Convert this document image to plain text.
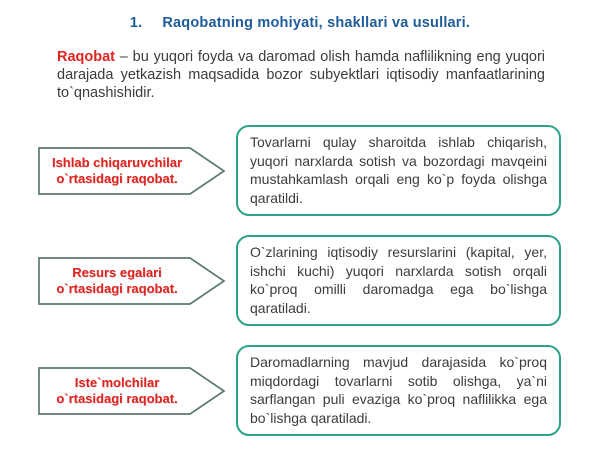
1. Raqobatning mohiyati, shakllari va usullari.

Raqobat – bu yuqori foyda va daromad olish hamda naflilikning eng yuqori darajada yetkazish maqsadida bozor subyektlari iqtisodiy manfaatlarining to`qnashishidir.

Ishlab chiqaruvchilar o`rtasidagi raqobat.
Tovarlarni qulay sharoitda ishlab chiqarish, yuqori narxlarda sotish va bozordagi mavqeini mustahkamlash orqali eng ko`p foyda olishga qaratildi.
Resurs egalari o`rtasidagi raqobat.
O`zlarining iqtisodiy resurslarini (kapital, yer, ishchi kuchi) yuqori narxlarda sotish orqali ko`proq omilli daromadga ega bo`lishga qaratiladi.
Iste`molchilar o`rtasidagi raqobat.
Daromadlarning mavjud darajasida ko`proq miqdordagi tovarlarni sotib olishga, ya`ni sarflangan puli evaziga ko`proq naflilikka ega bo`lishga qaratiladi.
